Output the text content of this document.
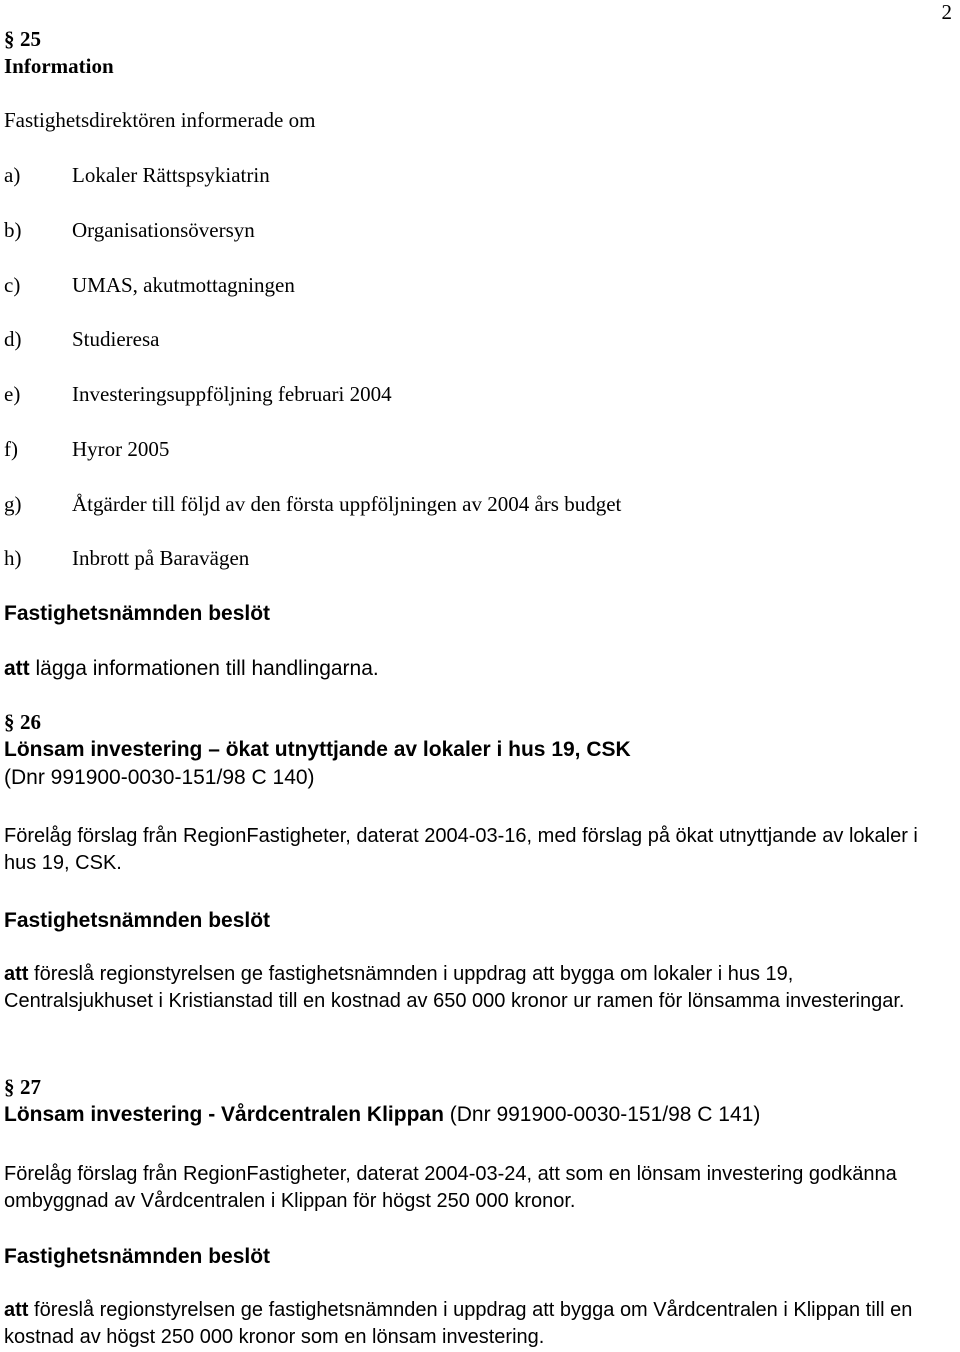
2
§ 25
Information
Fastighetsdirektören informerade om
a) Lokaler Rättspsykiatrin
b) Organisationsöversyn
c) UMAS, akutmottagningen
d) Studieresa
e) Investeringsuppföljning februari 2004
f)	Hyror 2005
g) Åtgärder till följd av den första uppföljningen av 2004 års budget
h) Inbrott på Baravägen
Fastighetsnämnden beslöt
att lägga informationen till handlingarna.
§ 26
Lönsam investering – ökat utnyttjande av lokaler i hus 19, CSK
(Dnr 991900-0030-151/98 C 140)
Förelåg förslag från RegionFastigheter, daterat 2004-03-16, med förslag på ökat utnyttjande av lokaler i hus 19, CSK.
Fastighetsnämnden beslöt
att föreslå regionstyrelsen ge fastighetsnämnden i uppdrag att bygga om lokaler i hus 19, Centralsjukhuset i Kristianstad till en kostnad av 650 000 kronor ur ramen för lönsamma investeringar.
§ 27
Lönsam investering - Vårdcentralen Klippan (Dnr 991900-0030-151/98 C 141)
Förelåg förslag från RegionFastigheter, daterat 2004-03-24, att som en lönsam investering godkänna ombyggnad av Vårdcentralen i Klippan för högst 250 000 kronor.
Fastighetsnämnden beslöt
att föreslå regionstyrelsen ge fastighetsnämnden i uppdrag att bygga om Vårdcentralen i Klippan till en kostnad av högst 250 000 kronor som en lönsam investering.
